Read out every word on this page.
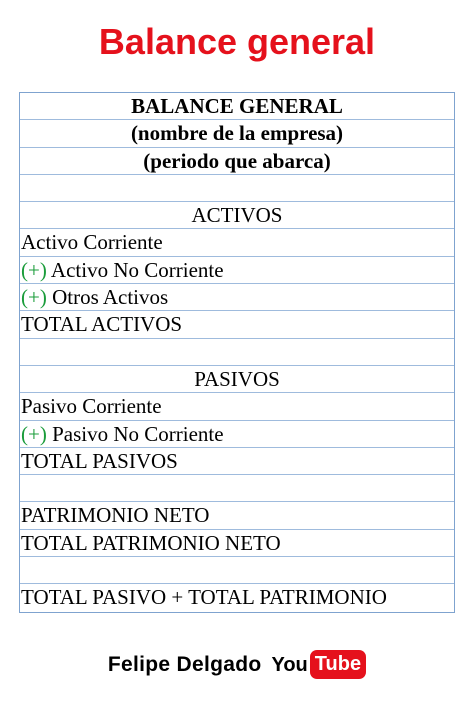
Balance general
BALANCE GENERAL
(nombre de la empresa)
(periodo que abarca)
ACTIVOS
Activo Corriente
(+) Activo No Corriente
(+) Otros Activos
TOTAL ACTIVOS
PASIVOS
Pasivo Corriente
(+) Pasivo No Corriente
TOTAL PASIVOS
PATRIMONIO NETO
TOTAL PATRIMONIO NETO
TOTAL PASIVO + TOTAL PATRIMONIO
Felipe Delgado You Tube
